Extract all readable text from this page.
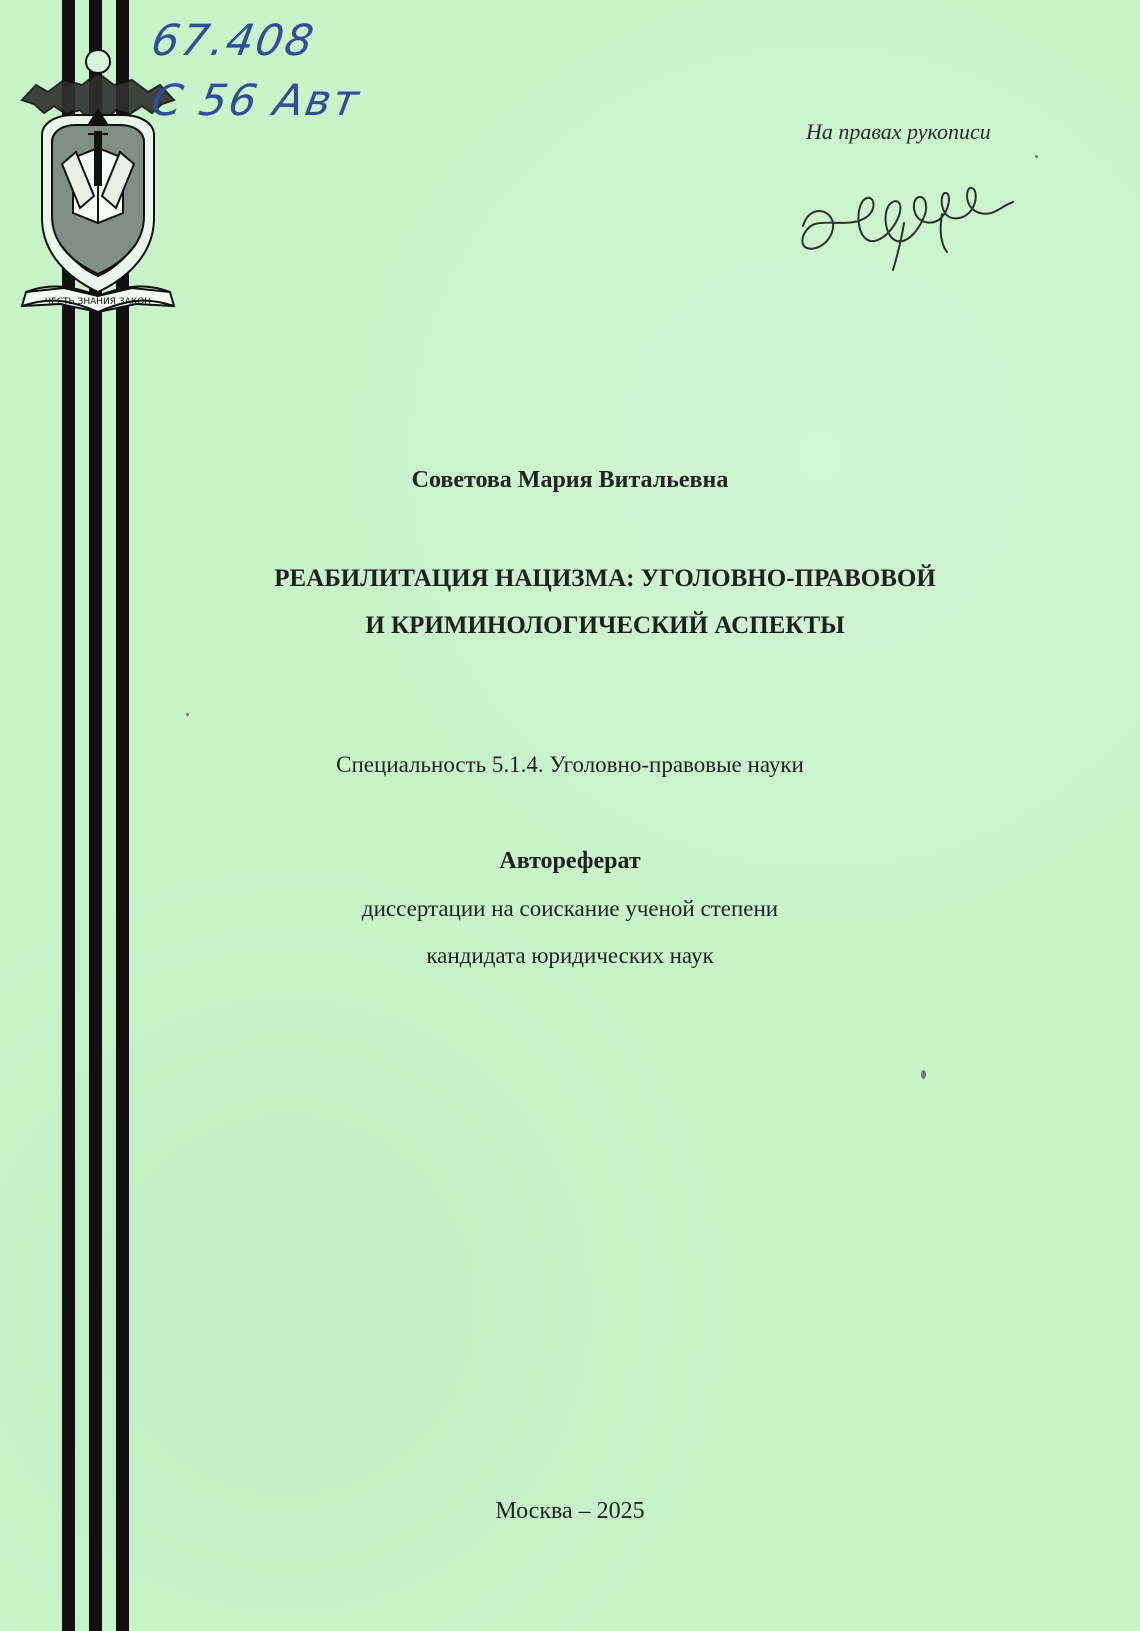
ЧЕСТЬ ЗНАНИЯ ЗАКОН
67.408
С 56 Авт
На правах рукописи
Советова Мария Витальевна
РЕАБИЛИТАЦИЯ НАЦИЗМА: УГОЛОВНО-ПРАВОВОЙ
И КРИМИНОЛОГИЧЕСКИЙ АСПЕКТЫ
Специальность 5.1.4. Уголовно-правовые науки
Автореферат
диссертации на соискание ученой степени
кандидата юридических наук
Москва – 2025
